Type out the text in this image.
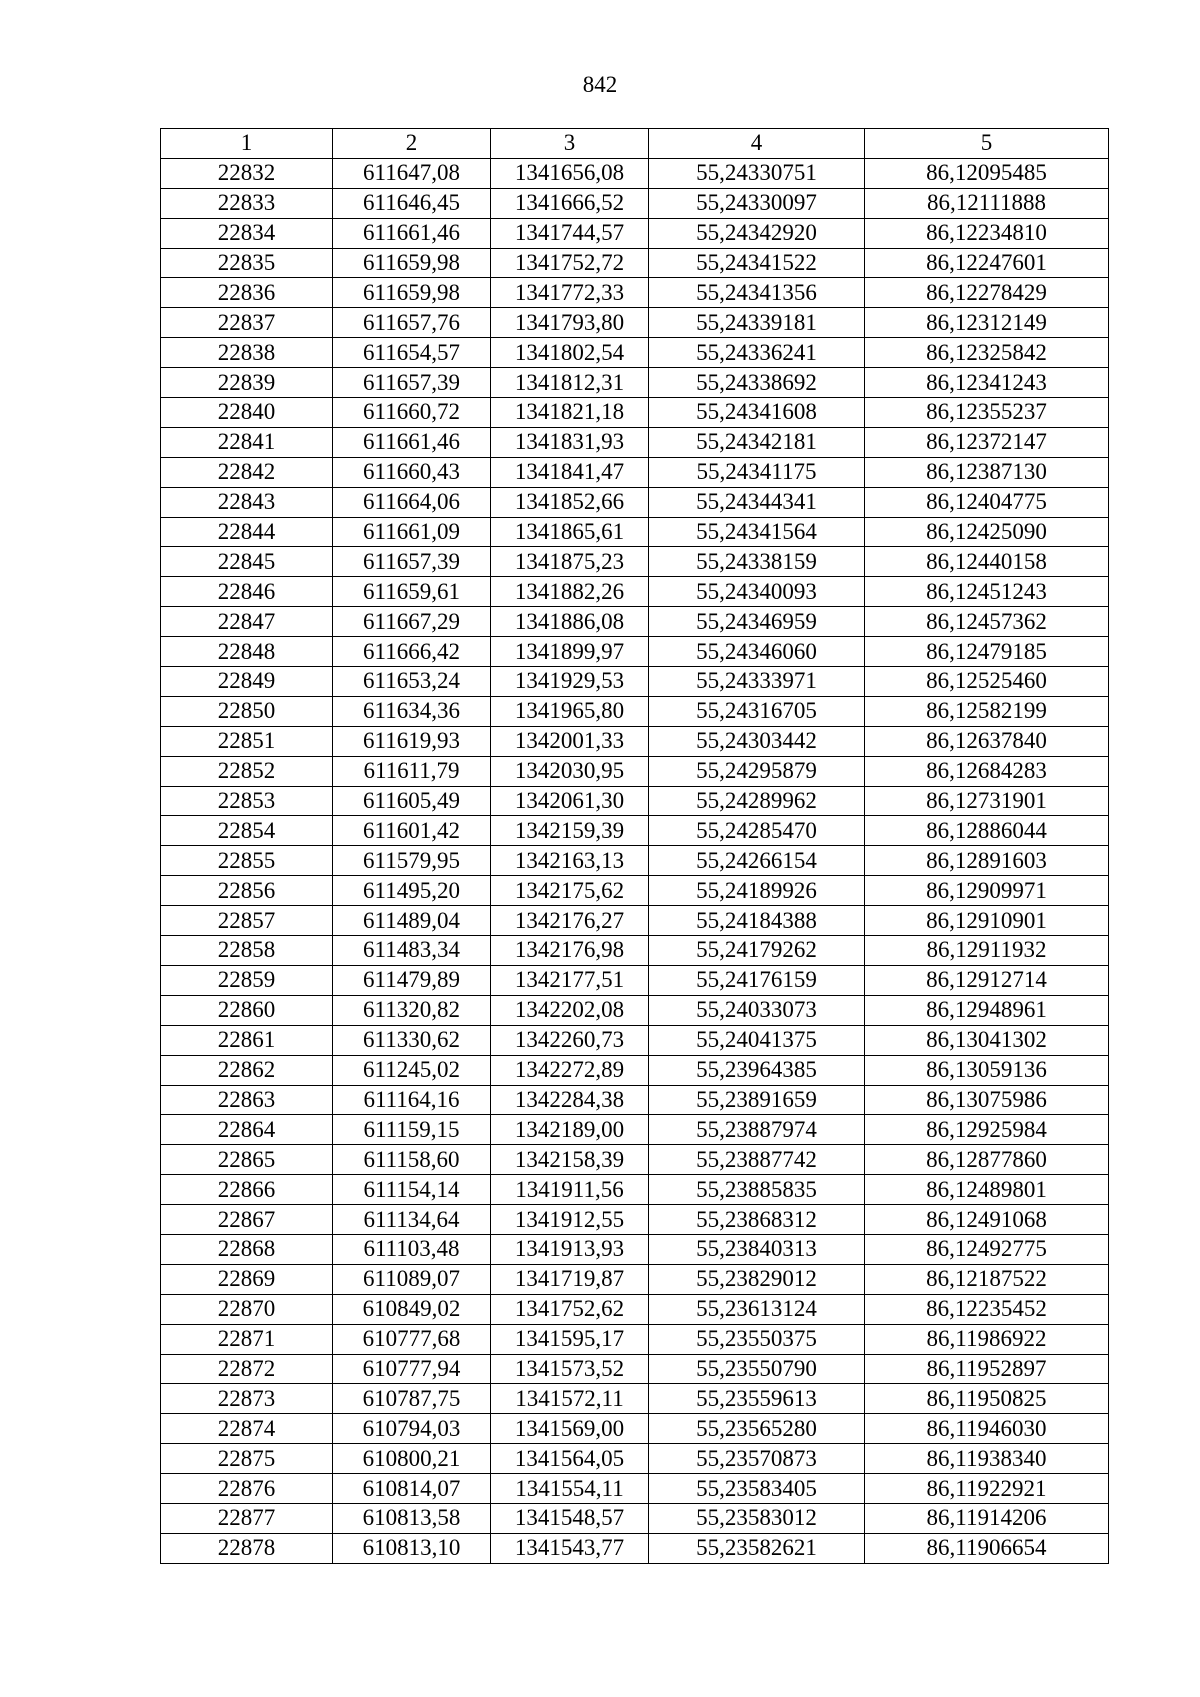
842
1	2	3	4	5
22832	611647,08	1341656,08	55,24330751	86,12095485
22833	611646,45	1341666,52	55,24330097	86,12111888
22834	611661,46	1341744,57	55,24342920	86,12234810
22835	611659,98	1341752,72	55,24341522	86,12247601
22836	611659,98	1341772,33	55,24341356	86,12278429
22837	611657,76	1341793,80	55,24339181	86,12312149
22838	611654,57	1341802,54	55,24336241	86,12325842
22839	611657,39	1341812,31	55,24338692	86,12341243
22840	611660,72	1341821,18	55,24341608	86,12355237
22841	611661,46	1341831,93	55,24342181	86,12372147
22842	611660,43	1341841,47	55,24341175	86,12387130
22843	611664,06	1341852,66	55,24344341	86,12404775
22844	611661,09	1341865,61	55,24341564	86,12425090
22845	611657,39	1341875,23	55,24338159	86,12440158
22846	611659,61	1341882,26	55,24340093	86,12451243
22847	611667,29	1341886,08	55,24346959	86,12457362
22848	611666,42	1341899,97	55,24346060	86,12479185
22849	611653,24	1341929,53	55,24333971	86,12525460
22850	611634,36	1341965,80	55,24316705	86,12582199
22851	611619,93	1342001,33	55,24303442	86,12637840
22852	611611,79	1342030,95	55,24295879	86,12684283
22853	611605,49	1342061,30	55,24289962	86,12731901
22854	611601,42	1342159,39	55,24285470	86,12886044
22855	611579,95	1342163,13	55,24266154	86,12891603
22856	611495,20	1342175,62	55,24189926	86,12909971
22857	611489,04	1342176,27	55,24184388	86,12910901
22858	611483,34	1342176,98	55,24179262	86,12911932
22859	611479,89	1342177,51	55,24176159	86,12912714
22860	611320,82	1342202,08	55,24033073	86,12948961
22861	611330,62	1342260,73	55,24041375	86,13041302
22862	611245,02	1342272,89	55,23964385	86,13059136
22863	611164,16	1342284,38	55,23891659	86,13075986
22864	611159,15	1342189,00	55,23887974	86,12925984
22865	611158,60	1342158,39	55,23887742	86,12877860
22866	611154,14	1341911,56	55,23885835	86,12489801
22867	611134,64	1341912,55	55,23868312	86,12491068
22868	611103,48	1341913,93	55,23840313	86,12492775
22869	611089,07	1341719,87	55,23829012	86,12187522
22870	610849,02	1341752,62	55,23613124	86,12235452
22871	610777,68	1341595,17	55,23550375	86,11986922
22872	610777,94	1341573,52	55,23550790	86,11952897
22873	610787,75	1341572,11	55,23559613	86,11950825
22874	610794,03	1341569,00	55,23565280	86,11946030
22875	610800,21	1341564,05	55,23570873	86,11938340
22876	610814,07	1341554,11	55,23583405	86,11922921
22877	610813,58	1341548,57	55,23583012	86,11914206
22878	610813,10	1341543,77	55,23582621	86,11906654
